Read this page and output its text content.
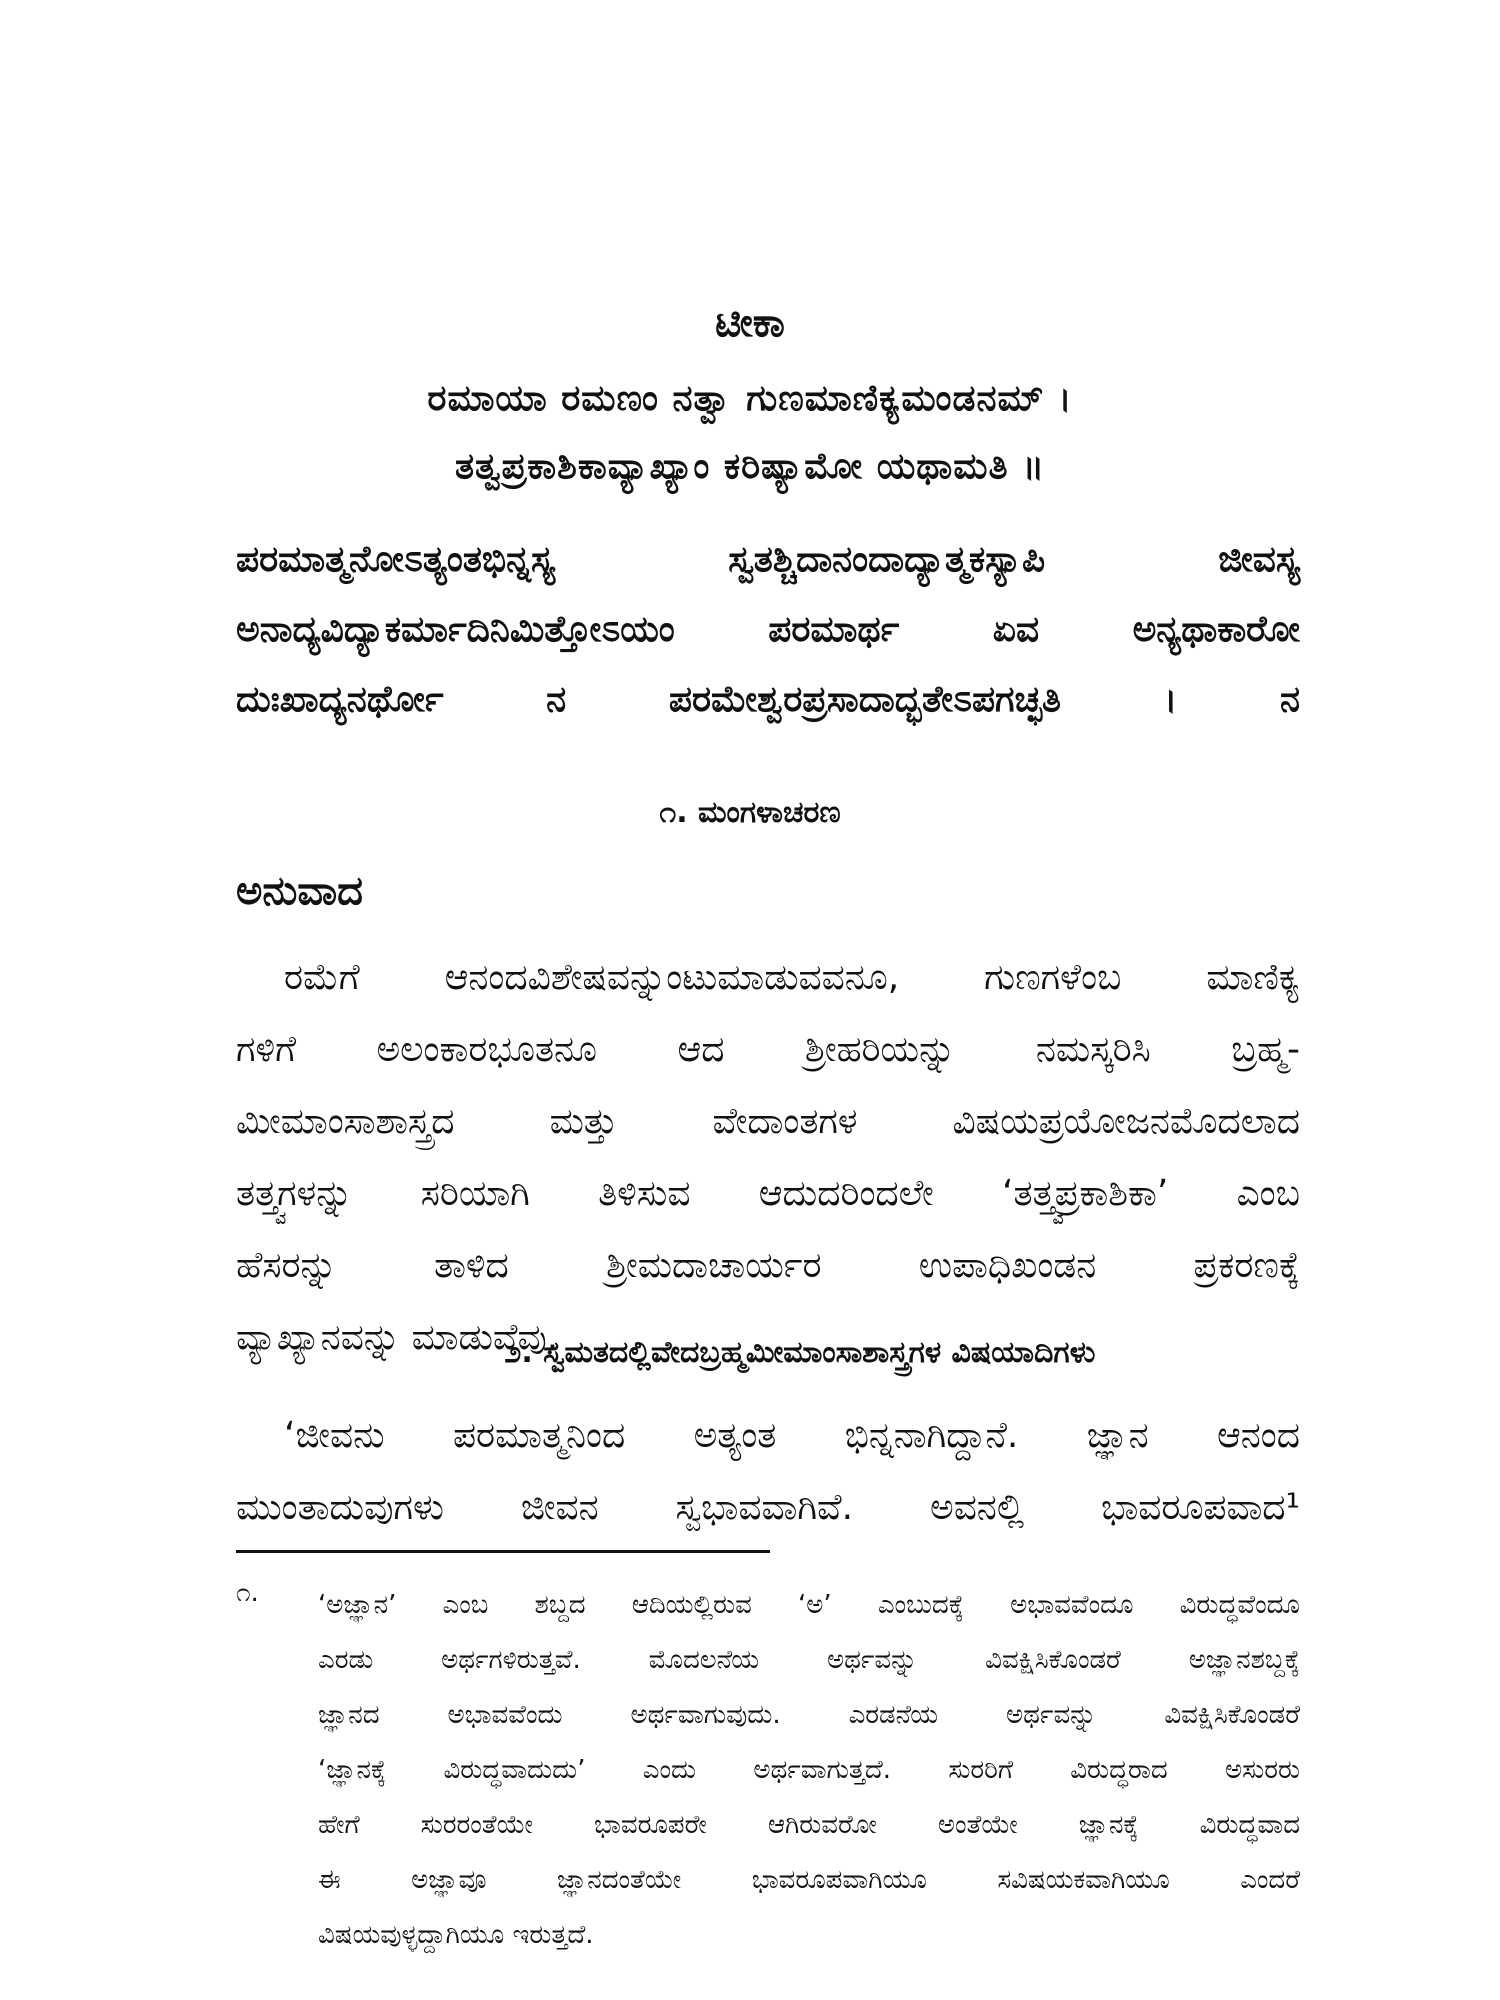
ಟೀಕಾ
ರಮಾಯಾ ರಮಣಂ ನತ್ವಾ ಗುಣಮಾಣಿಕ್ಯಮಂಡನಮ್ ।
ತತ್ವಪ್ರಕಾಶಿಕಾವ್ಯಾಖ್ಯಾಂ ಕರಿಷ್ಯಾಮೋ ಯಥಾಮತಿ ॥
ಪರಮಾತ್ಮನೋಽತ್ಯಂತಭಿನ್ನಸ್ಯ ಸ್ವತಶ್ಚಿದಾನಂದಾದ್ಯಾತ್ಮಕಸ್ಯಾಪಿ ಜೀವಸ್ಯ
ಅನಾದ್ಯವಿದ್ಯಾಕರ್ಮಾದಿನಿಮಿತ್ತೋಽಯಂ ಪರಮಾರ್ಥ ಏವ ಅನ್ಯಥಾಕಾರೋ
ದುಃಖಾದ್ಯನರ್ಥೋ ನ ಪರಮೇಶ್ವರಪ್ರಸಾದಾದ್ಭತೇಽಪಗಚ್ಛತಿ । ನ
೧. ಮಂಗಳಾಚರಣ
ಅನುವಾದ
ರಮೆಗೆ ಆನಂದವಿಶೇಷವನ್ನುಂಟುಮಾಡುವವನೂ, ಗುಣಗಳೆಂಬ ಮಾಣಿಕ್ಯ
ಗಳಿಗೆ ಅಲಂಕಾರಭೂತನೂ ಆದ ಶ್ರೀಹರಿಯನ್ನು ನಮಸ್ಕರಿಸಿ ಬ್ರಹ್ಮ-
ಮೀಮಾಂಸಾಶಾಸ್ತ್ರದ ಮತ್ತು ವೇದಾಂತಗಳ ವಿಷಯಪ್ರಯೋಜನಮೊದಲಾದ
ತತ್ತ್ವಗಳನ್ನು ಸರಿಯಾಗಿ ತಿಳಿಸುವ ಆದುದರಿಂದಲೇ ‘ತತ್ತ್ವಪ್ರಕಾಶಿಕಾ’ ಎಂಬ
ಹೆಸರನ್ನು ತಾಳಿದ ಶ್ರೀಮದಾಚಾರ್ಯರ ಉಪಾಧಿಖಂಡನ ಪ್ರಕರಣಕ್ಕೆ
ವ್ಯಾಖ್ಯಾನವನ್ನು ಮಾಡುವೆವು.
೨. ಸ್ವಮತದಲ್ಲಿವೇದಬ್ರಹ್ಮಮೀಮಾಂಸಾಶಾಸ್ತ್ರಗಳ ವಿಷಯಾದಿಗಳು
‘ಜೀವನು ಪರಮಾತ್ಮನಿಂದ ಅತ್ಯಂತ ಭಿನ್ನನಾಗಿದ್ದಾನೆ. ಜ್ಞಾನ ಆನಂದ
ಮುಂತಾದುವುಗಳು ಜೀವನ ಸ್ವಭಾವವಾಗಿವೆ. ಅವನಲ್ಲಿ ಭಾವರೂಪವಾದ¹
೧. ‘ಅಜ್ಞಾನ’ ಎಂಬ ಶಬ್ದದ ಆದಿಯಲ್ಲಿರುವ ‘ಅ’ ಎಂಬುದಕ್ಕೆ ಅಭಾವವೆಂದೂ ವಿರುದ್ಧವೆಂದೂ
ಎರಡು ಅರ್ಥಗಳಿರುತ್ತವೆ. ಮೊದಲನೆಯ ಅರ್ಥವನ್ನು ವಿವಕ್ಷಿಸಿಕೊಂಡರೆ ಅಜ್ಞಾನಶಬ್ದಕ್ಕೆ
ಜ್ಞಾನದ ಅಭಾವವೆಂದು ಅರ್ಥವಾಗುವುದು. ಎರಡನೆಯ ಅರ್ಥವನ್ನು ವಿವಕ್ಷಿಸಿಕೊಂಡರೆ
‘ಜ್ಞಾನಕ್ಕೆ ವಿರುದ್ಧವಾದುದು’ ಎಂದು ಅರ್ಥವಾಗುತ್ತದೆ. ಸುರರಿಗೆ ವಿರುದ್ಧರಾದ ಅಸುರರು
ಹೇಗೆ ಸುರರಂತೆಯೇ ಭಾವರೂಪರೇ ಆಗಿರುವರೋ ಅಂತೆಯೇ ಜ್ಞಾನಕ್ಕೆ ವಿರುದ್ಧವಾದ
ಈ ಅಜ್ಞಾವೂ ಜ್ಞಾನದಂತೆಯೇ ಭಾವರೂಪವಾಗಿಯೂ ಸವಿಷಯಕವಾಗಿಯೂ ಎಂದರೆ
ವಿಷಯವುಳ್ಳದ್ದಾಗಿಯೂ ಇರುತ್ತದೆ.
